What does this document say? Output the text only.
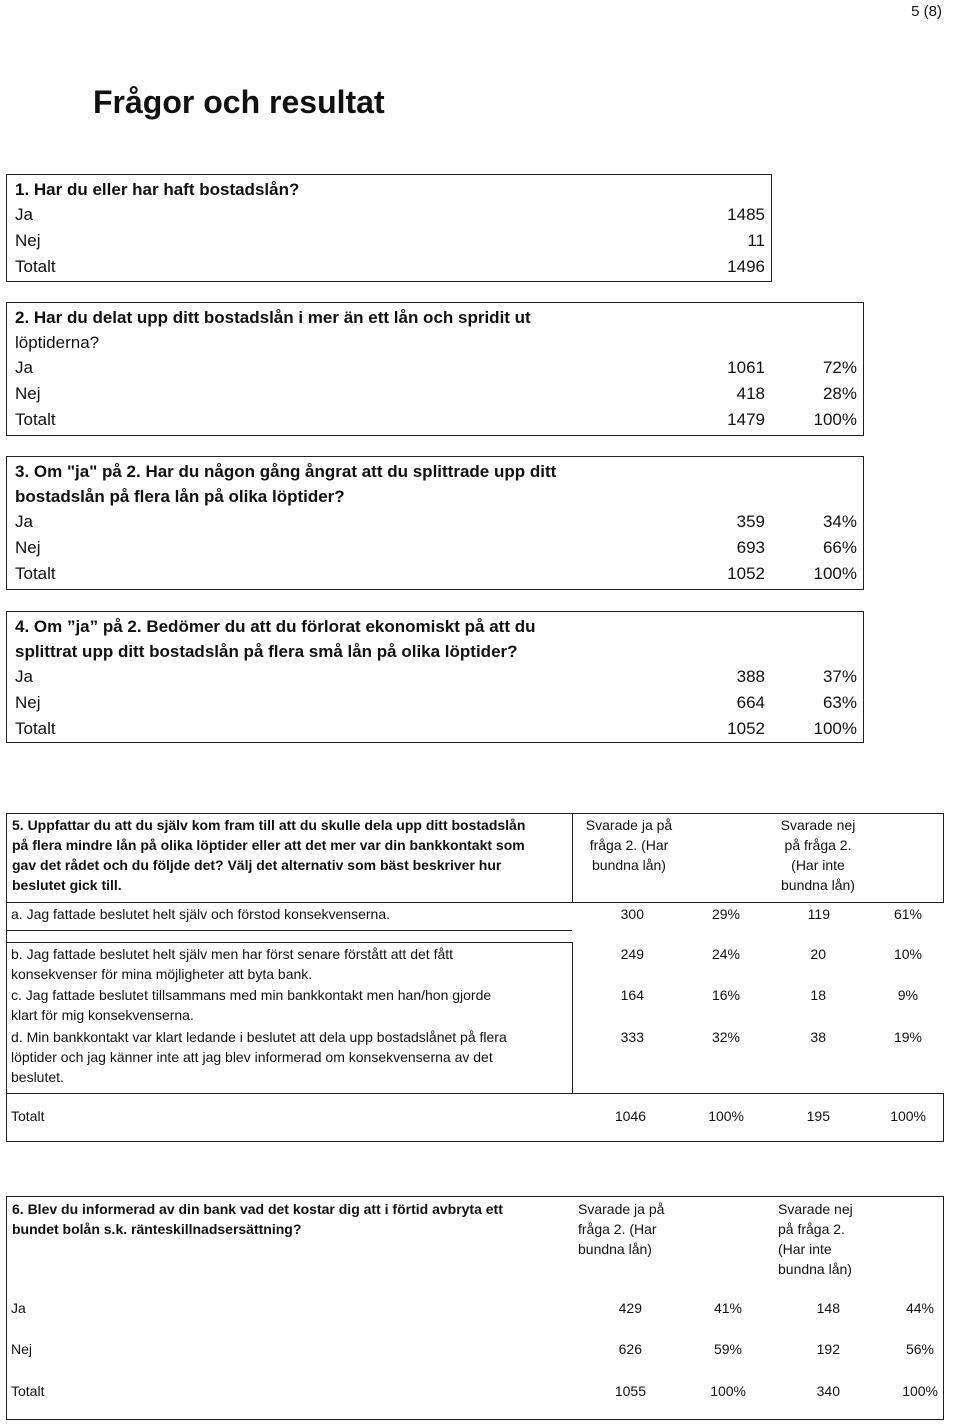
5 (8)
Frågor och resultat
1. Har du eller har haft bostadslån?
Ja	1485
Nej	11
Totalt	1496
2. Har du delat upp ditt bostadslån i mer än ett lån och spridit ut
löptiderna?
Ja	1061	72%
Nej	418	28%
Totalt	1479	100%
3. Om "ja" på 2. Har du någon gång ångrat att du splittrade upp ditt
bostadslån på flera lån på olika löptider?
Ja	359	34%
Nej	693	66%
Totalt	1052	100%
4. Om ”ja” på 2. Bedömer du att du förlorat ekonomiskt på att du
splittrat upp ditt bostadslån på flera små lån på olika löptider?
Ja	388	37%
Nej	664	63%
Totalt	1052	100%
5. Uppfattar du att du själv kom fram till att du skulle dela upp ditt bostadslån
på flera mindre lån på olika löptider eller att det mer var din bankkontakt som
gav det rådet och du följde det? Välj det alternativ som bäst beskriver hur
beslutet gick till.
Svarade ja på
fråga 2. (Har
bundna lån)
Svarade nej
på fråga 2.
(Har inte
bundna lån)
a. Jag fattade beslutet helt själv och förstod konsekvenserna.	300	29%	119	61%
b. Jag fattade beslutet helt själv men har först senare förstått att det fått
konsekvenser för mina möjligheter att byta bank.
249	24%	20	10%
c. Jag fattade beslutet tillsammans med min bankkontakt men han/hon gjorde
klart för mig konsekvenserna.
164	16%	18	9%
d. Min bankkontakt var klart ledande i beslutet att dela upp bostadslånet på flera
löptider och jag känner inte att jag blev informerad om konsekvenserna av det
beslutet.
333	32%	38	19%
Totalt	1046	100%	195	100%
6. Blev du informerad av din bank vad det kostar dig att i förtid avbryta ett
bundet bolån s.k. ränteskillnadsersättning?
Svarade ja på
fråga 2. (Har
bundna lån)
Svarade nej
på fråga 2.
(Har inte
bundna lån)
Ja	429	41%	148	44%
Nej	626	59%	192	56%
Totalt	1055	100%	340	100%
